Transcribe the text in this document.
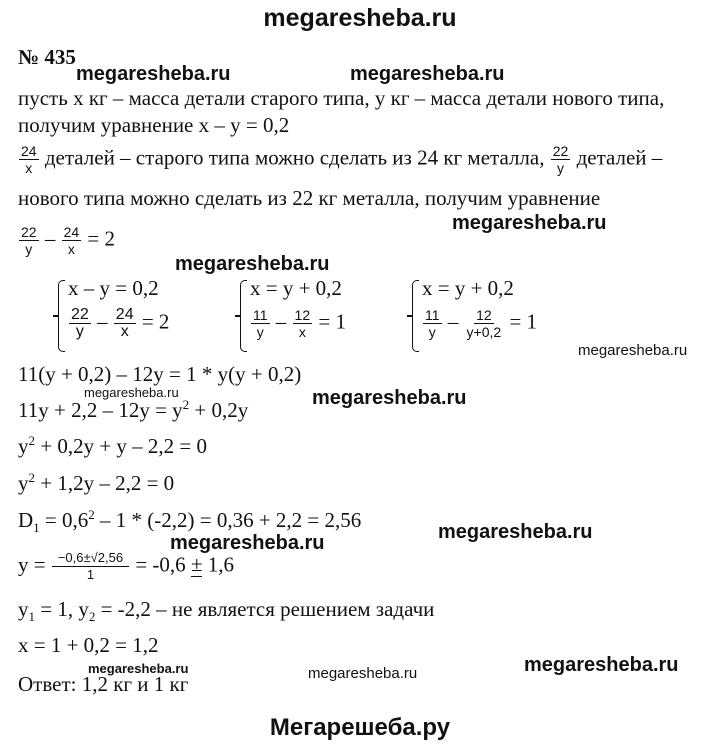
megaresheba.ru
№ 435
megaresheba.ru	megaresheba.ru
пусть х кг – масса детали старого типа, у кг – масса детали нового типа,
получим уравнение х – у = 0,2
$\frac{24}{x}$ деталей – старого типа можно сделать из 24 кг металла, $\frac{22}{y}$ деталей –
нового типа можно сделать из 22 кг металла, получим уравнение
megaresheba.ru
$\frac{22}{y} - \frac{24}{x} = 2$
megaresheba.ru
x – y = 0,2
$\frac{22}{y} - \frac{24}{x} = 2$
x = y + 0,2
$\frac{11}{y} - \frac{12}{x} = 1$
x = y + 0,2
$\frac{11}{y} - \frac{12}{y+0,2} = 1$
megaresheba.ru
11(у + 0,2) – 12у = 1 * у(у + 0,2)
megaresheba.ru	megaresheba.ru
$11у + 2,2 - 12у = у^2 + 0,2у$
$у^2 + 0,2у + у - 2,2 = 0$
$у^2 + 1,2у - 2,2 = 0$
$D_1 = 0,6^2 - 1 * (-2,2) = 0,36 + 2,2 = 2,56$	megaresheba.ru
megaresheba.ru
$у = \frac{-0,6\pm√2,56}{1} = -0,6 \pm 1,6$
$у_1 = 1$, $у_2 = -2,2$ – не является решением задачи
х = 1 + 0,2 = 1,2
megaresheba.ru	megaresheba.ru	megaresheba.ru
Ответ: 1,2 кг и 1 кг
Мегарешеба.ру
